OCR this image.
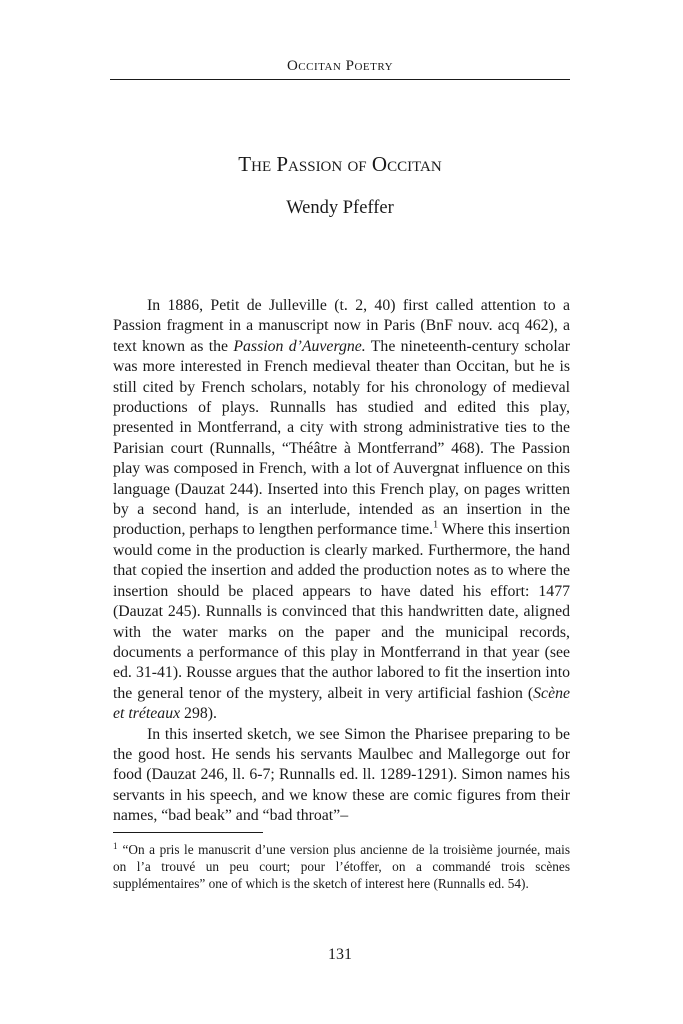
Occitan Poetry
The Passion of Occitan
Wendy Pfeffer

In 1886, Petit de Julleville (t. 2, 40) first called attention to a Passion fragment in a manuscript now in Paris (BnF nouv. acq 462), a text known as the Passion d’Auvergne. The nineteenth-century scholar was more interested in French medieval theater than Occitan, but he is still cited by French scholars, notably for his chronology of medieval productions of plays. Runnalls has studied and edited this play, presented in Montferrand, a city with strong administrative ties to the Parisian court (Runnalls, “Théâtre à Montferrand” 468). The Passion play was composed in French, with a lot of Auvergnat influence on this language (Dauzat 244). Inserted into this French play, on pages written by a second hand, is an interlude, intended as an insertion in the production, perhaps to lengthen performance time.$^1$ Where this insertion would come in the production is clearly marked. Furthermore, the hand that copied the insertion and added the production notes as to where the insertion should be placed appears to have dated his effort: 1477 (Dauzat 245). Runnalls is convinced that this handwritten date, aligned with the water marks on the paper and the municipal records, documents a performance of this play in Montferrand in that year (see ed. 31-41). Rousse argues that the author labored to fit the insertion into the general tenor of the mystery, albeit in very artificial fashion (Scène et tréteaux 298).

In this inserted sketch, we see Simon the Pharisee preparing to be the good host. He sends his servants Maulbec and Mallegorge out for food (Dauzat 246, ll. 6-7; Runnalls ed. ll. 1289-1291). Simon names his servants in his speech, and we know these are comic figures from their names, “bad beak” and “bad throat”–

$^1$ “On a pris le manuscrit d’une version plus ancienne de la troisième journée, mais on l’a trouvé un peu court; pour l’étoffer, on a commandé trois scènes supplémentaires” one of which is the sketch of interest here (Runnalls ed. 54).
131
